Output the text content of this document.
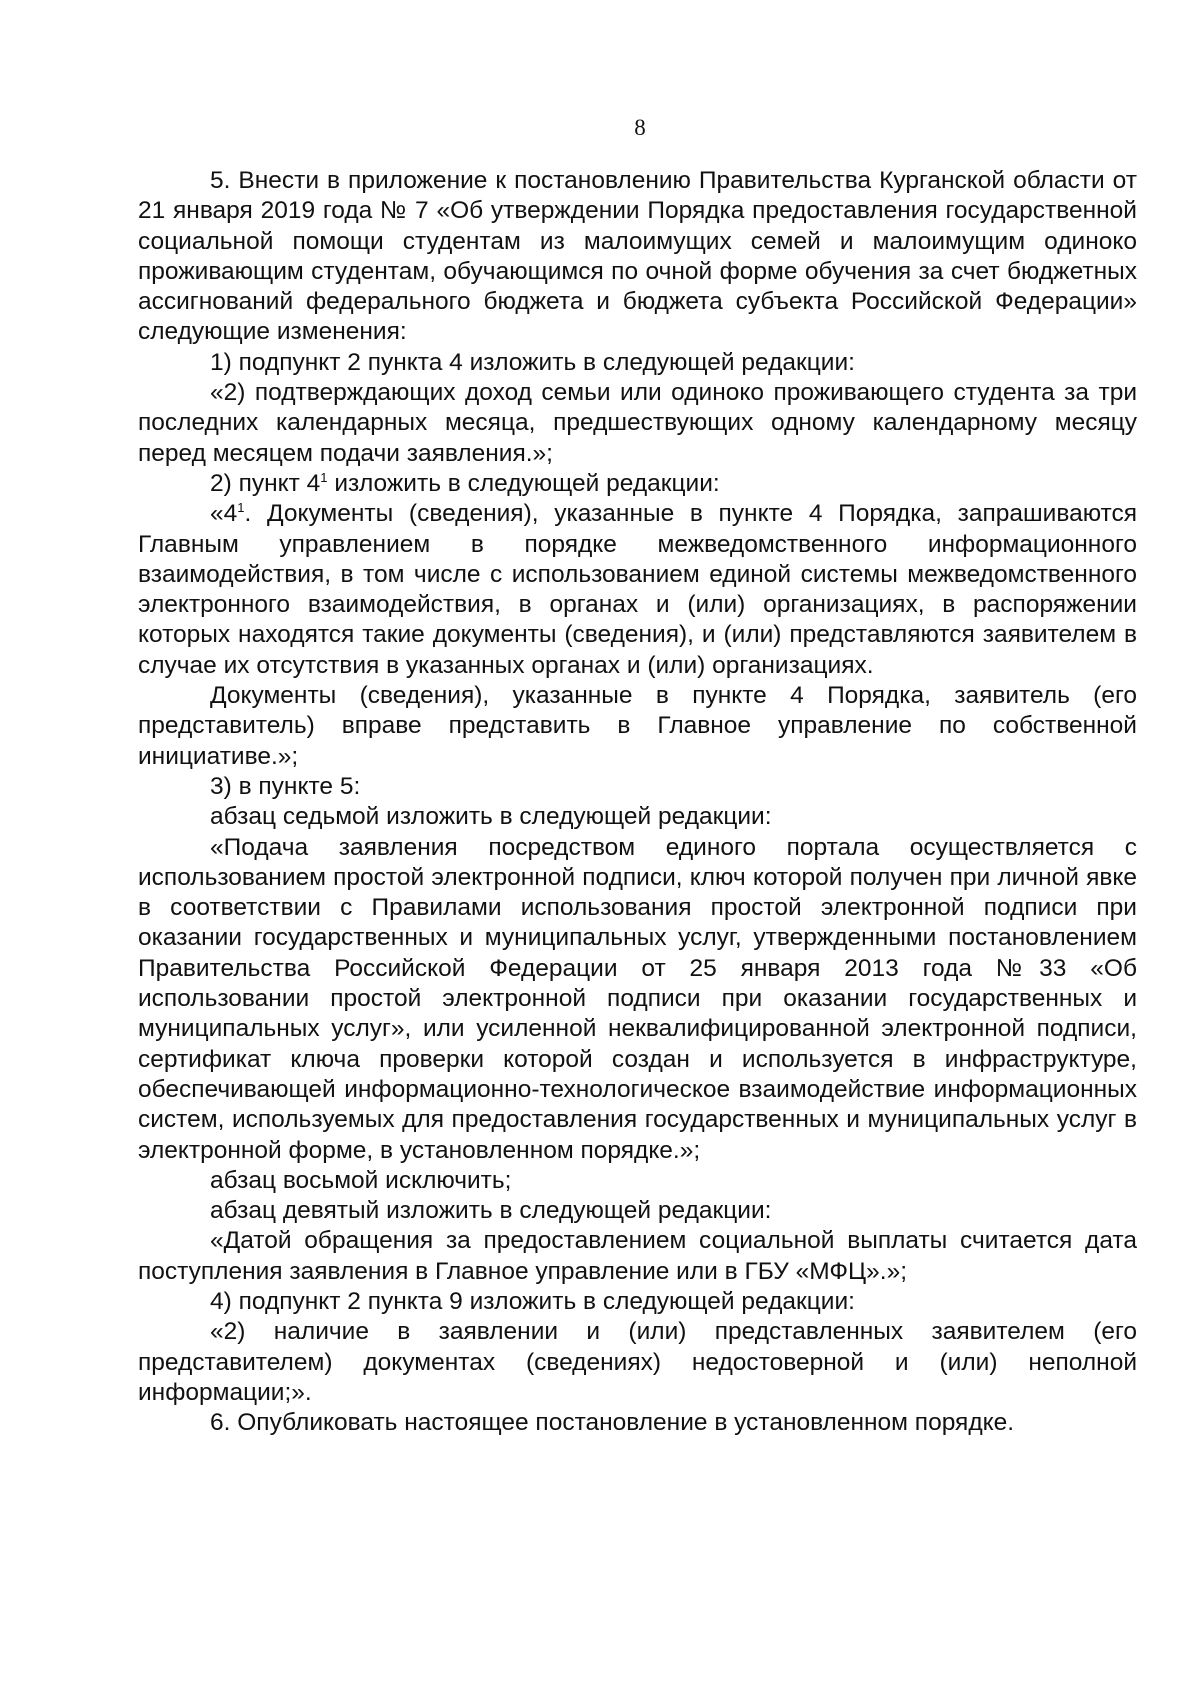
8

5. Внести в приложение к постановлению Правительства Курганской области от 21 января 2019 года № 7 «Об утверждении Порядка предоставления государственной социальной помощи студентам из малоимущих семей и малоимущим одиноко проживающим студентам, обучающимся по очной форме обучения за счет бюджетных ассигнований федерального бюджета и бюджета субъекта Российской Федерации» следующие изменения:

1) подпункт 2 пункта 4 изложить в следующей редакции:

«2) подтверждающих доход семьи или одиноко проживающего студента за три последних календарных месяца, предшествующих одному календарному месяцу перед месяцем подачи заявления.»;

2) пункт $4^1$ изложить в следующей редакции:

«$4^1$. Документы (сведения), указанные в пункте 4 Порядка, запрашиваются Главным управлением в порядке межведомственного информационного взаимодействия, в том числе с использованием единой системы межведомственного электронного взаимодействия, в органах и (или) организациях, в распоряжении которых находятся такие документы (сведения), и (или) представляются заявителем в случае их отсутствия в указанных органах и (или) организациях.

Документы (сведения), указанные в пункте 4 Порядка, заявитель (его представитель) вправе представить в Главное управление по собственной инициативе.»;

3) в пункте 5:

абзац седьмой изложить в следующей редакции:

«Подача заявления посредством единого портала осуществляется с использованием простой электронной подписи, ключ которой получен при личной явке в соответствии с Правилами использования простой электронной подписи при оказании государственных и муниципальных услуг, утвержденными постановлением Правительства Российской Федерации от 25 января 2013 года №33 «Об использовании простой электронной подписи при оказании государственных и муниципальных услуг», или усиленной неквалифицированной электронной подписи, сертификат ключа проверки которой создан и используется в инфраструктуре, обеспечивающей информационно-технологическое взаимодействие информационных систем, используемых для предоставления государственных и муниципальных услуг в электронной форме, в установленном порядке.»;

абзац восьмой исключить;

абзац девятый изложить в следующей редакции:

«Датой обращения за предоставлением социальной выплаты считается дата поступления заявления в Главное управление или в ГБУ «МФЦ».»;

4) подпункт 2 пункта 9 изложить в следующей редакции:

«2) наличие в заявлении и (или) представленных заявителем (его представителем) документах (сведениях) недостоверной и (или) неполной информации;».

6. Опубликовать настоящее постановление в установленном порядке.
